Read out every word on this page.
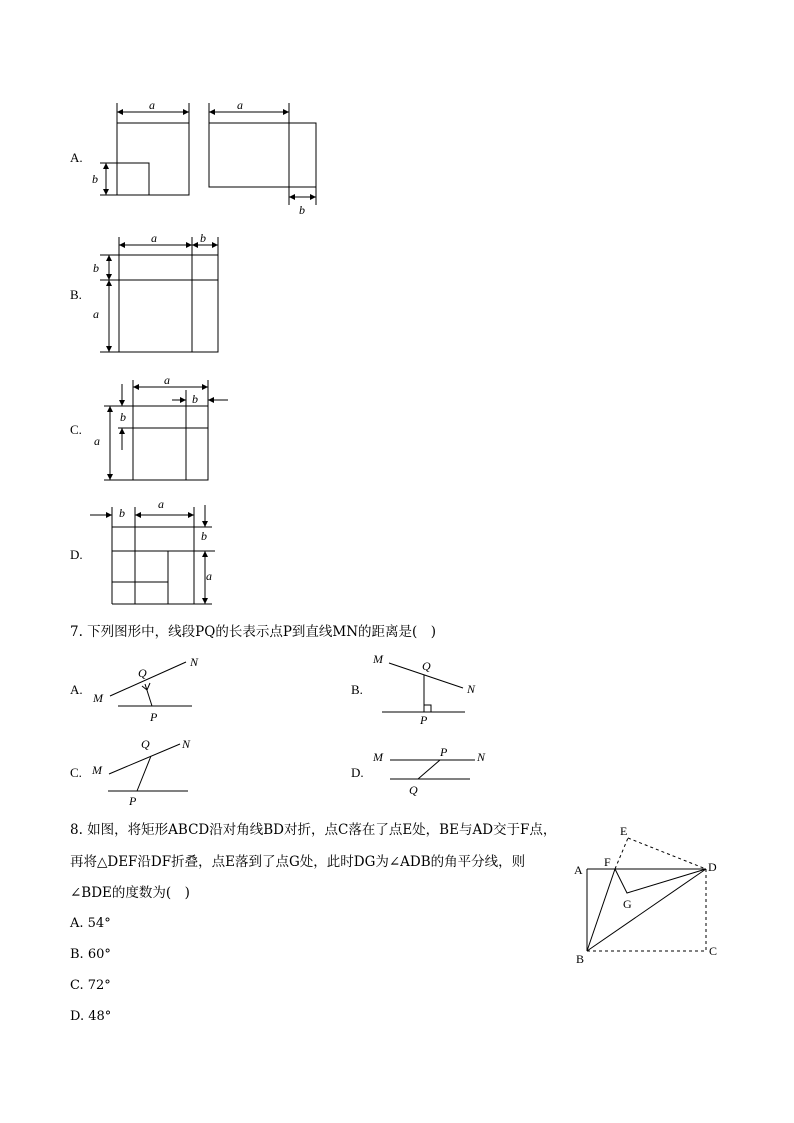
A.
a	a
b
b
B.
a	b
b
a
C.
a
b
b
a
D.
b
a
b
a
7. 下列图形中，线段PQ的长表示点P到直线MN的距离是(　)
A.
M
N
Q
P
B.
M
N
Q
P
C. M
N
Q
P
D.
M	N
P
Q
8. 如图，将矩形ABCD沿对角线BD对折，点C落在了点E处，BE与AD交于F点，
再将△DEF沿DF折叠，点E落到了点G处，此时DG为∠ADB的角平分线，则
∠BDE的度数为(　)
A. 54°
B. 60°
C. 72°
D. 48°
E
A
F	D
G
B
C
